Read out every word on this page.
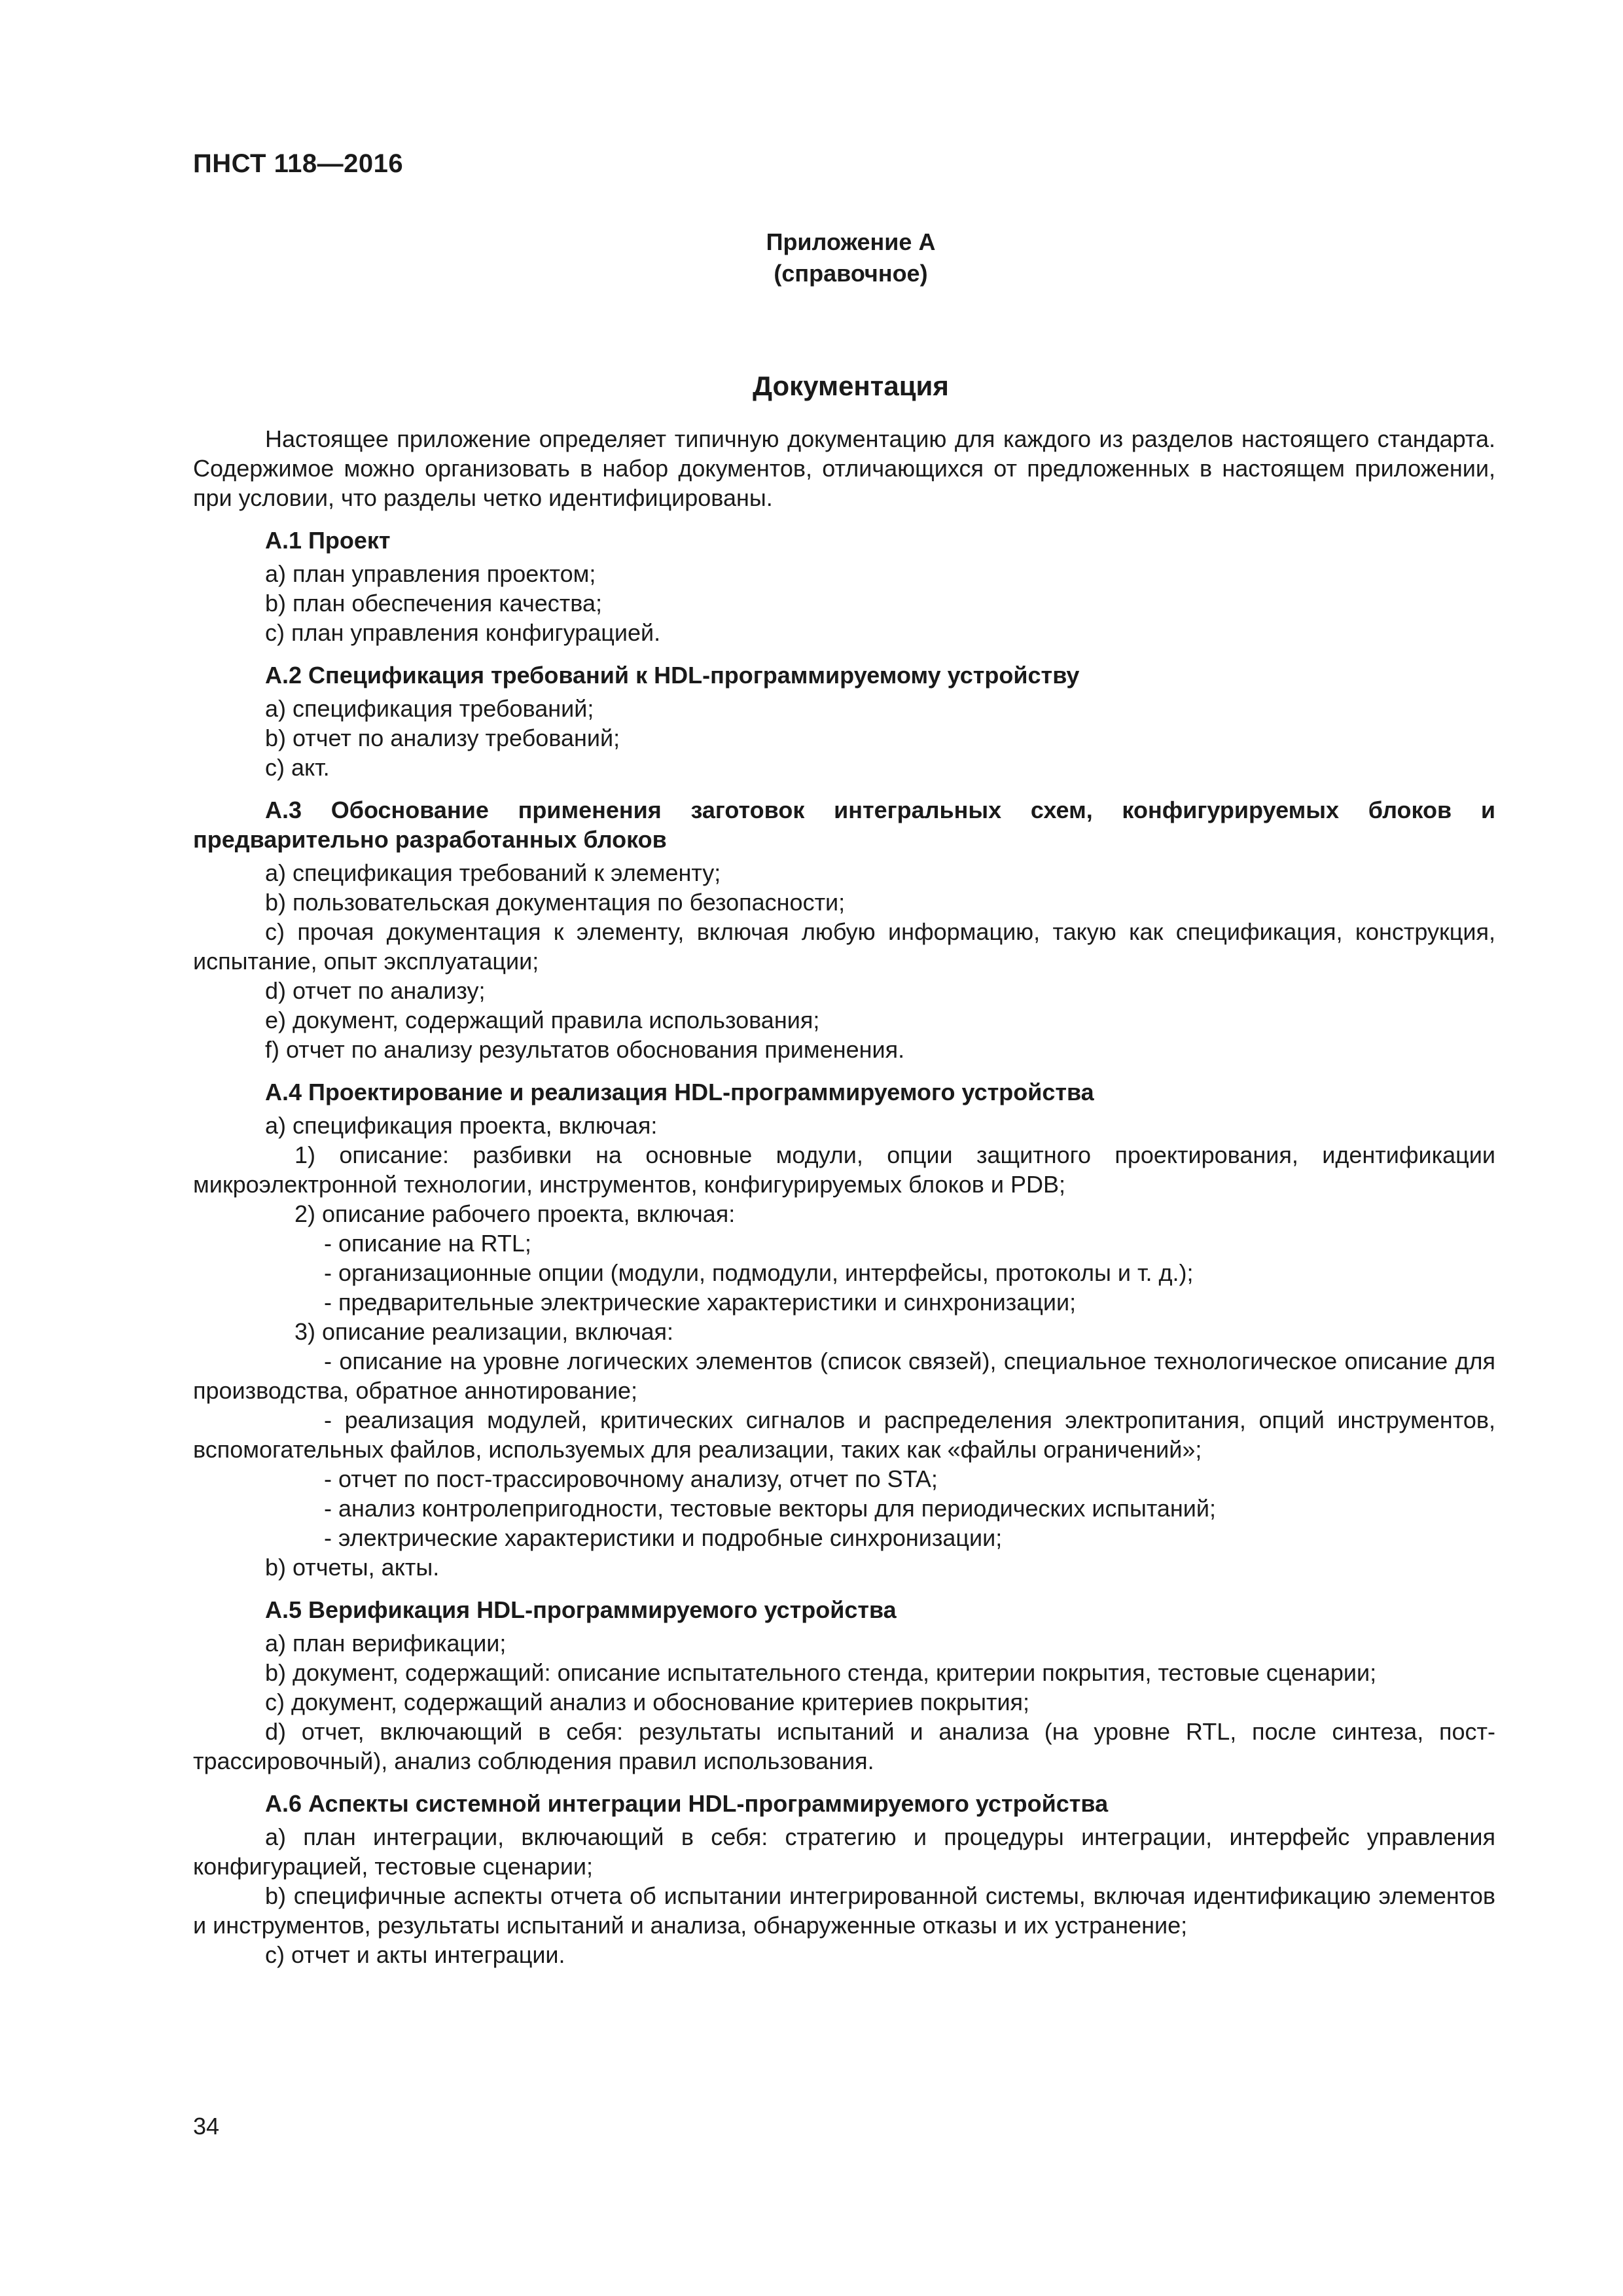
ПНСТ 118—2016
Приложение А
(справочное)
Документация

Настоящее приложение определяет типичную документацию для каждого из разделов настоящего стандарта. Содержимое можно организовать в набор документов, отличающихся от предложенных в настоящем приложении, при условии, что разделы четко идентифицированы.

А.1 Проект

a) план управления проектом;

b) план обеспечения качества;

c) план управления конфигурацией.

А.2 Спецификация требований к HDL-программируемому устройству

a) спецификация требований;

b) отчет по анализу требований;

c) акт.

А.3 Обоснование применения заготовок интегральных схем, конфигурируемых блоков и предварительно разработанных блоков

a) спецификация требований к элементу;

b) пользовательская документация по безопасности;

c) прочая документация к элементу, включая любую информацию, такую как спецификация, конструкция, испытание, опыт эксплуатации;

d) отчет по анализу;

e) документ, содержащий правила использования;

f) отчет по анализу результатов обоснования применения.

А.4 Проектирование и реализация HDL-программируемого устройства

a) спецификация проекта, включая:

1) описание: разбивки на основные модули, опции защитного проектирования, идентификации микроэлектронной технологии, инструментов, конфигурируемых блоков и PDB;

2) описание рабочего проекта, включая:

- описание на RTL;

- организационные опции (модули, подмодули, интерфейсы, протоколы и т. д.);

- предварительные электрические характеристики и синхронизации;

3) описание реализации, включая:

- описание на уровне логических элементов (список связей), специальное технологическое описание для производства, обратное аннотирование;

- реализация модулей, критических сигналов и распределения электропитания, опций инструментов, вспомогательных файлов, используемых для реализации, таких как «файлы ограничений»;

- отчет по пост-трассировочному анализу, отчет по STA;

- анализ контролепригодности, тестовые векторы для периодических испытаний;

- электрические характеристики и подробные синхронизации;

b) отчеты, акты.

А.5 Верификация HDL-программируемого устройства

a) план верификации;

b) документ, содержащий: описание испытательного стенда, критерии покрытия, тестовые сценарии;

c) документ, содержащий анализ и обоснование критериев покрытия;

d) отчет, включающий в себя: результаты испытаний и анализа (на уровне RTL, после синтеза, пост-трассировочный), анализ соблюдения правил использования.

А.6 Аспекты системной интеграции HDL-программируемого устройства

a) план интеграции, включающий в себя: стратегию и процедуры интеграции, интерфейс управления конфигурацией, тестовые сценарии;

b) специфичные аспекты отчета об испытании интегрированной системы, включая идентификацию элементов и инструментов, результаты испытаний и анализа, обнаруженные отказы и их устранение;

c) отчет и акты интеграции.

34
